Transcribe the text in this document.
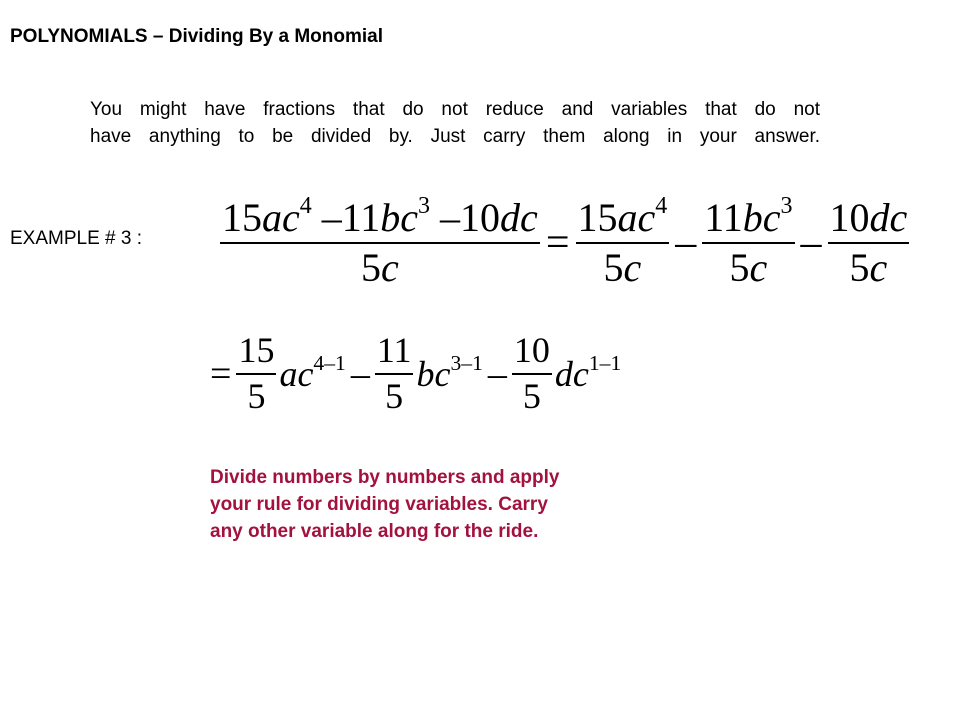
POLYNOMIALS – Dividing By a Monomial
You might have fractions that do not reduce and variables that do not
have anything to be divided by. Just carry them along in your answer.
EXAMPLE # 3 : $\frac{15ac^4 -11bc^3 -10dc}{5c} = \frac{15ac^4}{5c} - \frac{11bc^3}{5c} - \frac{10dc}{5c}$
= $\frac{15}{5} ac^{4-1} - \frac{11}{5} bc^{3-1} - \frac{10}{5} dc^{1-1}$
Divide numbers by numbers and apply
your rule for dividing variables. Carry
any other variable along for the ride.
